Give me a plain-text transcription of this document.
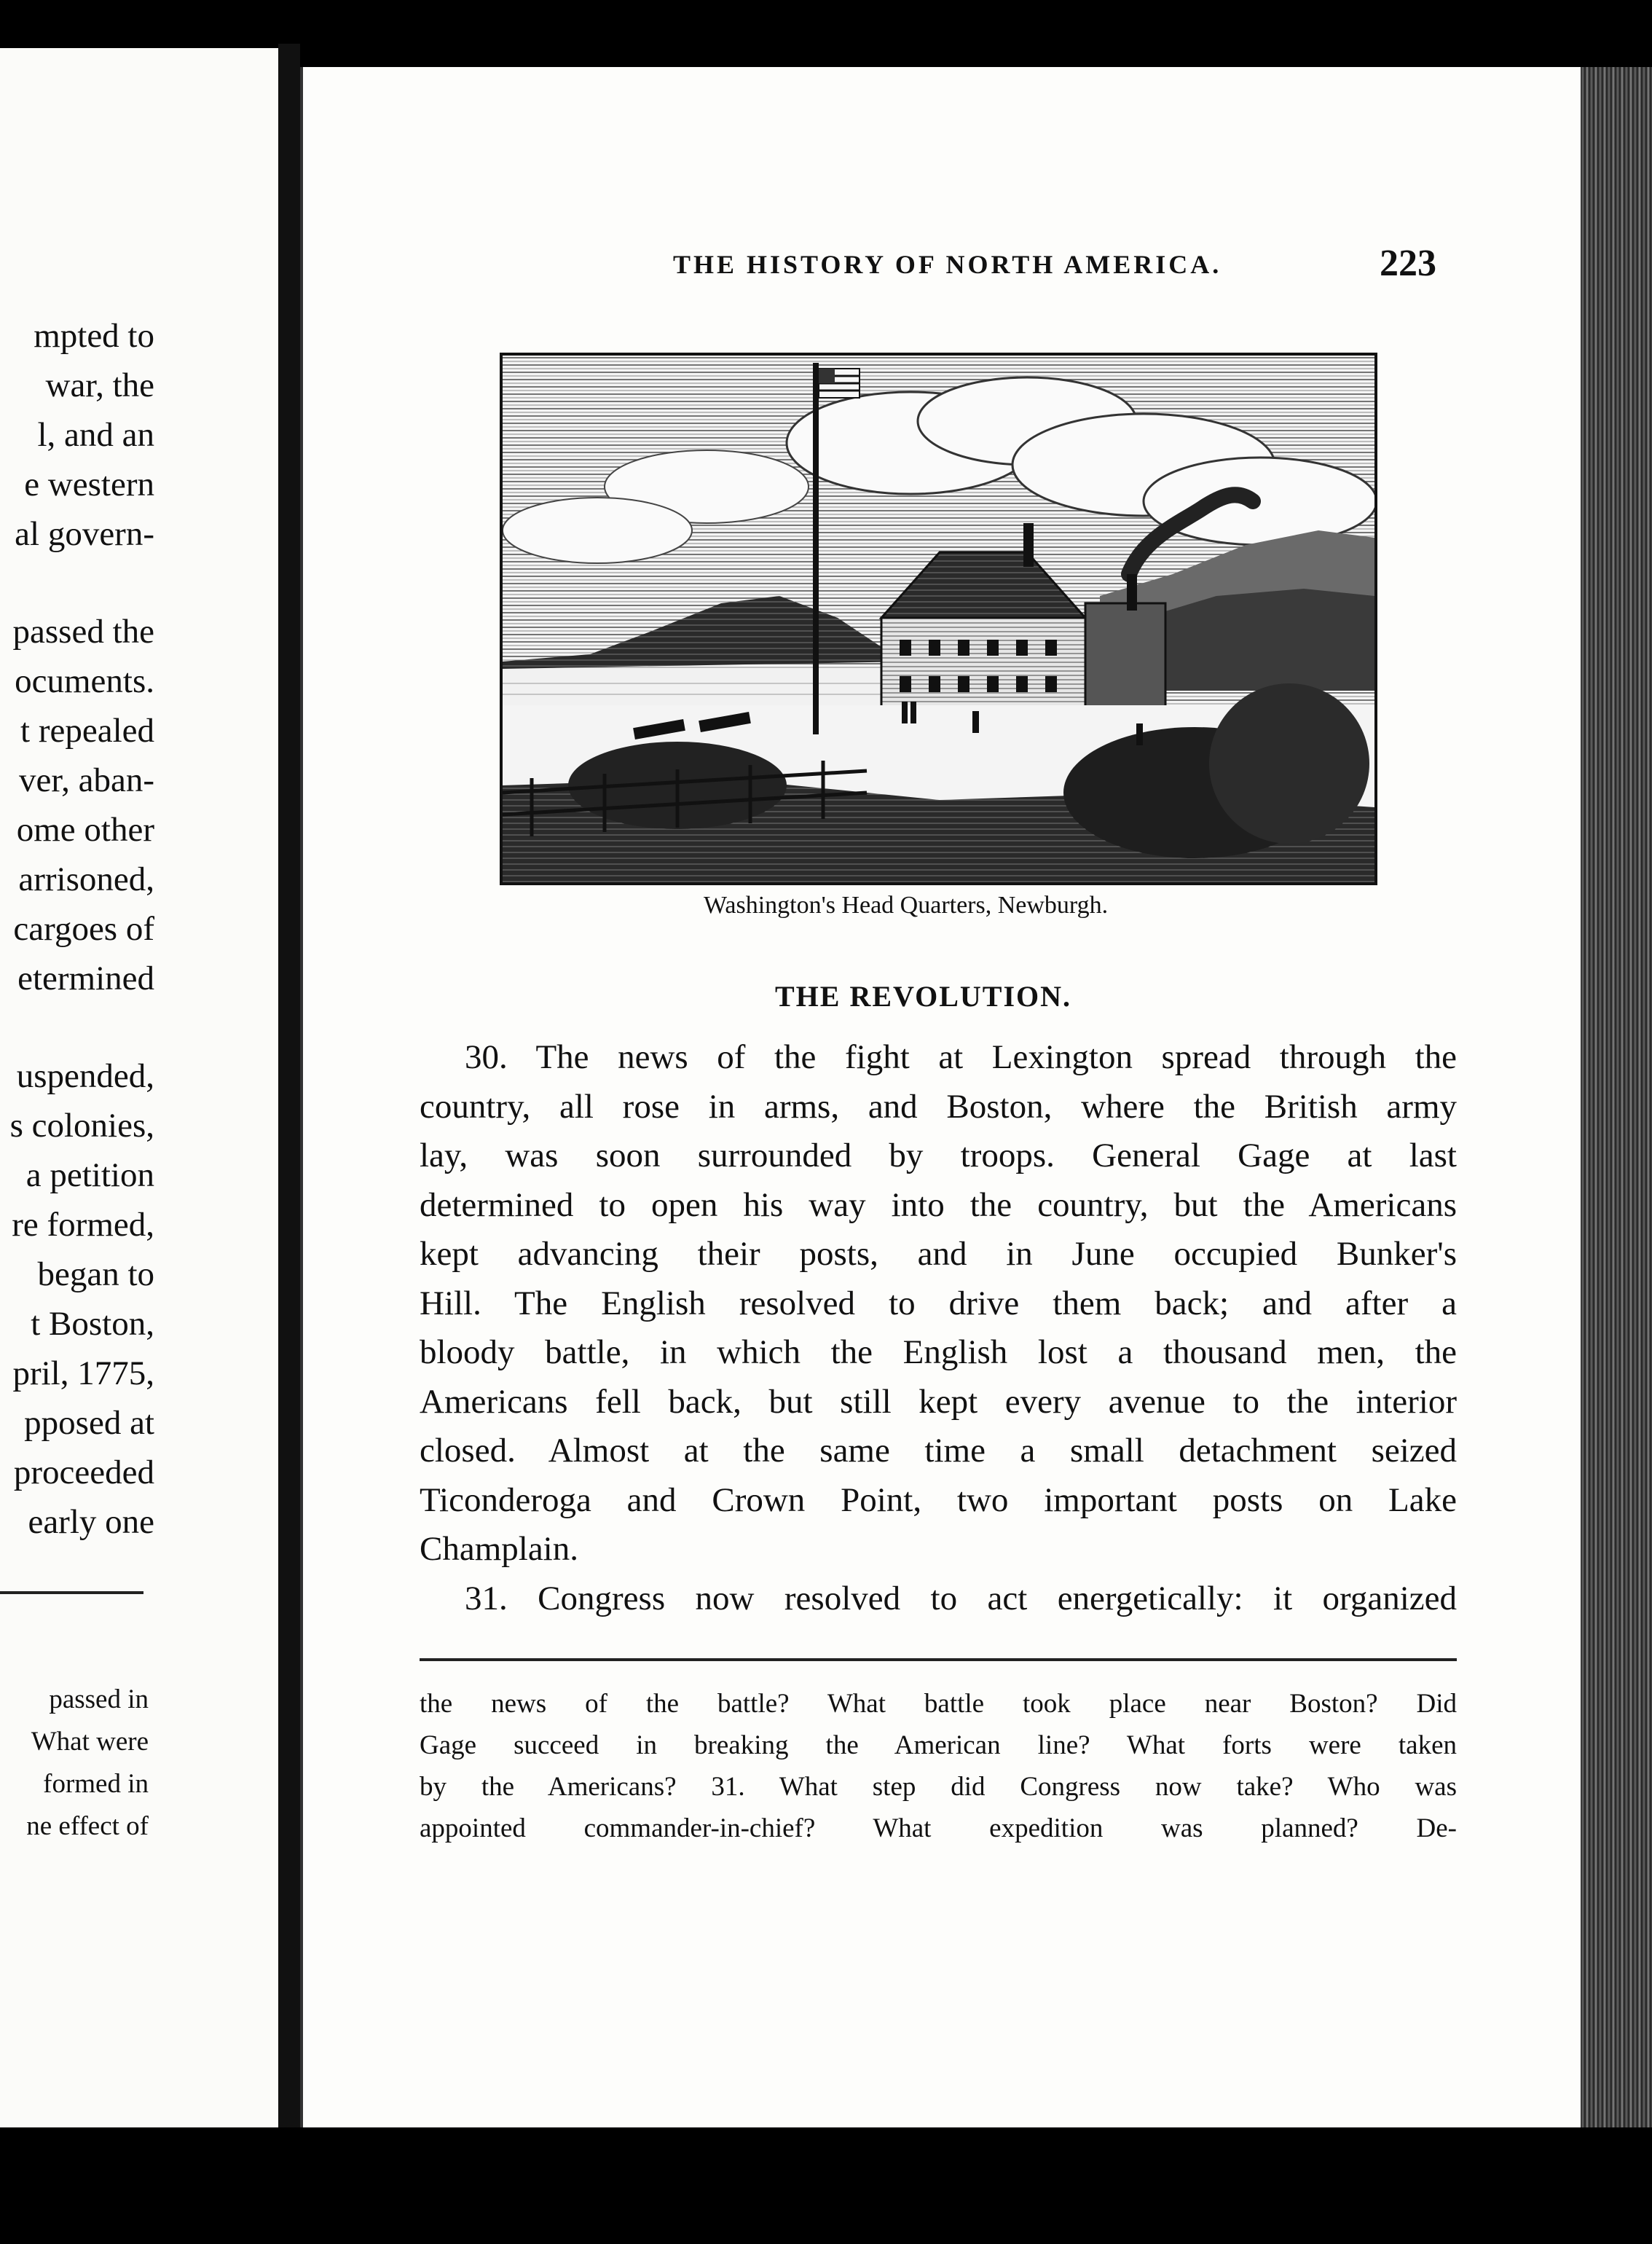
mpted to
war, the
l, and an
e western
al govern-
passed the
ocuments.
t repealed
ver, aban-
ome other
arrisoned,
cargoes of
etermined
uspended,
s colonies,
a petition
re formed,
began to
t Boston,
pril, 1775,
pposed at
proceeded
early one
passed in
What were
formed in
ne effect of
THE HISTORY OF NORTH AMERICA.	223
Washington's Head Quarters, Newburgh.
THE REVOLUTION.
30. The news of the fight at Lexington spread through the
country, all rose in arms, and Boston, where the British army
lay, was soon surrounded by troops. General Gage at last
determined to open his way into the country, but the Americans
kept advancing their posts, and in June occupied Bunker's
Hill. The English resolved to drive them back; and after a
bloody battle, in which the English lost a thousand men, the
Americans fell back, but still kept every avenue to the interior
closed. Almost at the same time a small detachment seized
Ticonderoga and Crown Point, two important posts on Lake
Champlain.
31. Congress now resolved to act energetically: it organized
the news of the battle? What battle took place near Boston? Did
Gage succeed in breaking the American line? What forts were taken
by the Americans? 31. What step did Congress now take? Who was
appointed commander-in-chief? What expedition was planned? De-
